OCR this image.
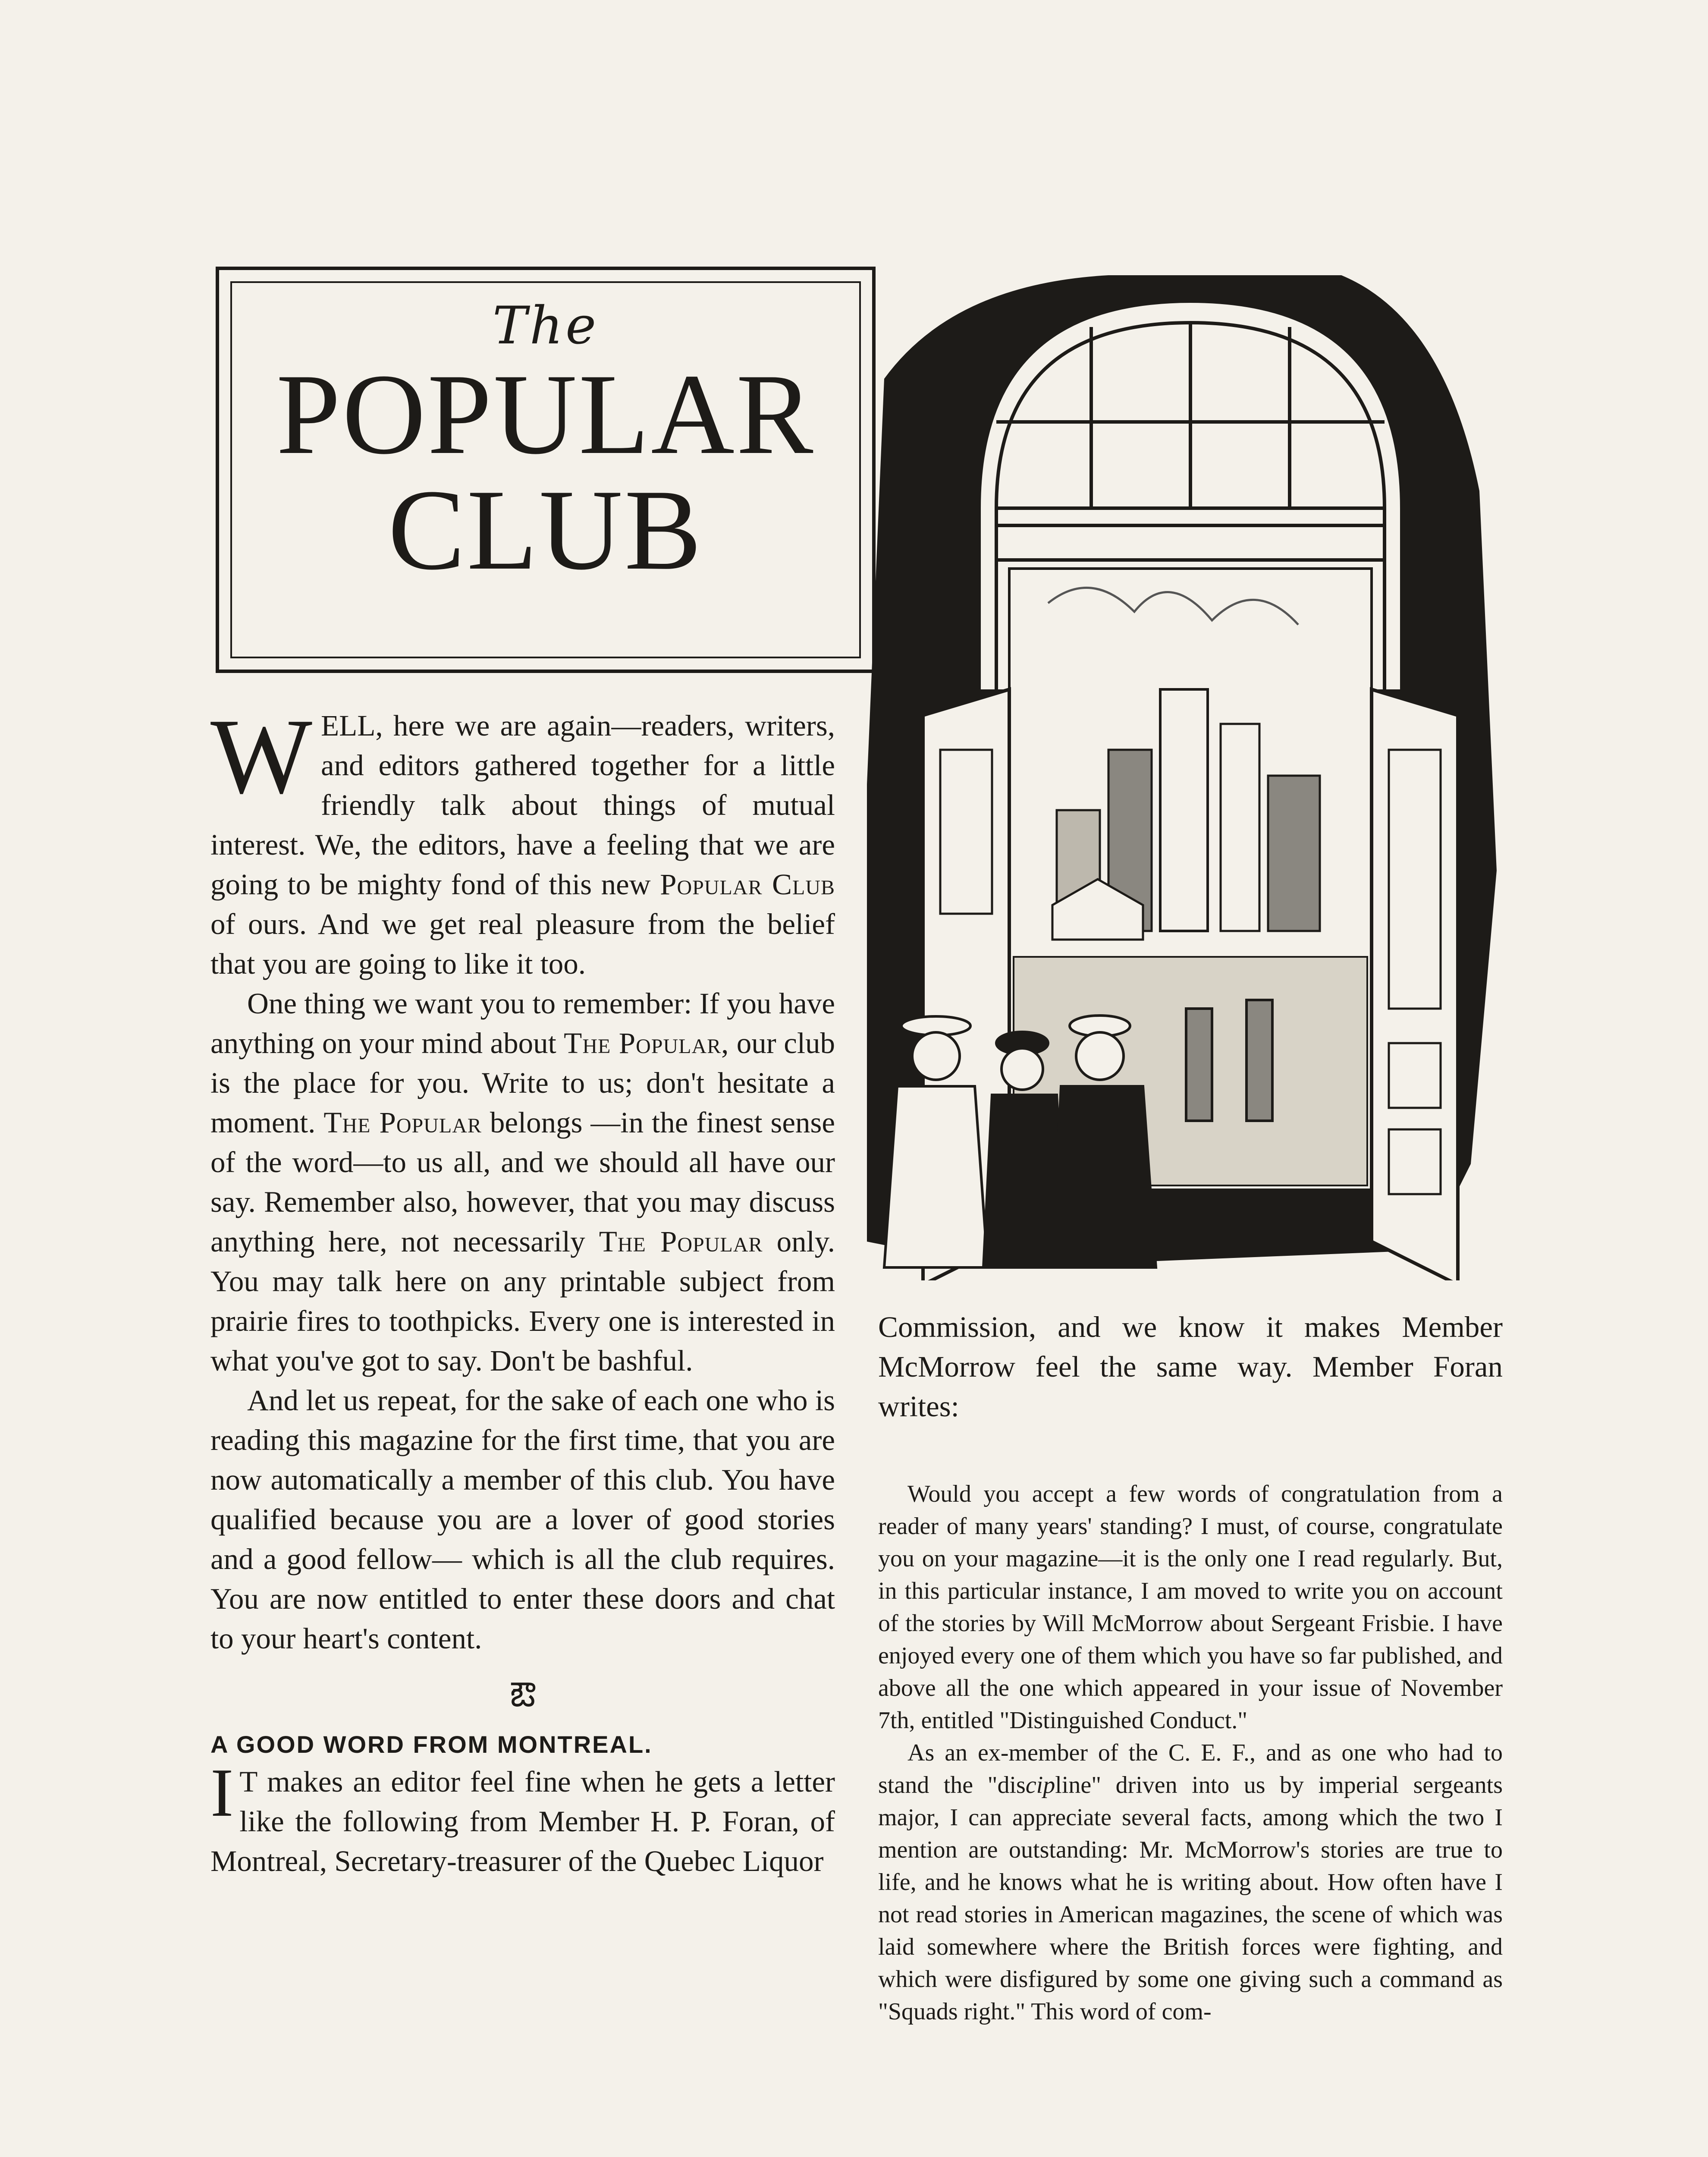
The
POPULAR
CLUB

WELL, here we are again—readers, writers, and editors gathered together for a little friendly talk about things of mutual interest. We, the editors, have a feeling that we are going to be mighty fond of this new Popular Club of ours. And we get real pleasure from the belief that you are going to like it too.

One thing we want you to remember: If you have anything on your mind about The Popular, our club is the place for you. Write to us; don't hesitate a moment. The Popular belongs —in the finest sense of the word—to us all, and we should all have our say. Remember also, however, that you may discuss anything here, not necessarily The Popular only. You may talk here on any printable subject from prairie fires to toothpicks. Every one is interested in what you've got to say. Don't be bashful.

And let us repeat, for the sake of each one who is reading this magazine for the first time, that you are now automatically a member of this club. You have qualified because you are a lover of good stories and a good fellow— which is all the club requires. You are now entitled to enter these doors and chat to your heart's content.

ఔ
A GOOD WORD FROM MONTREAL.

I T makes an editor feel fine when he gets a letter like the following from Member H. P. Foran, of Montreal, Secretary-treasurer of the Quebec Liquor

Commission, and we know it makes Member McMorrow feel the same way. Member Foran writes:

Would you accept a few words of congratulation from a reader of many years' standing? I must, of course, congratulate you on your magazine—it is the only one I read regularly. But, in this particular instance, I am moved to write you on account of the stories by Will McMorrow about Sergeant Frisbie. I have enjoyed every one of them which you have so far published, and above all the one which appeared in your issue of November 7th, entitled "Distinguished Conduct."

As an ex-member of the C. E. F., and as one who had to stand the "discipline" driven into us by imperial sergeants major, I can appreciate several facts, among which the two I mention are outstanding: Mr. McMorrow's stories are true to life, and he knows what he is writing about. How often have I not read stories in American magazines, the scene of which was laid somewhere where the British forces were fighting, and which were disfigured by some one giving such a command as "Squads right." This word of com-
